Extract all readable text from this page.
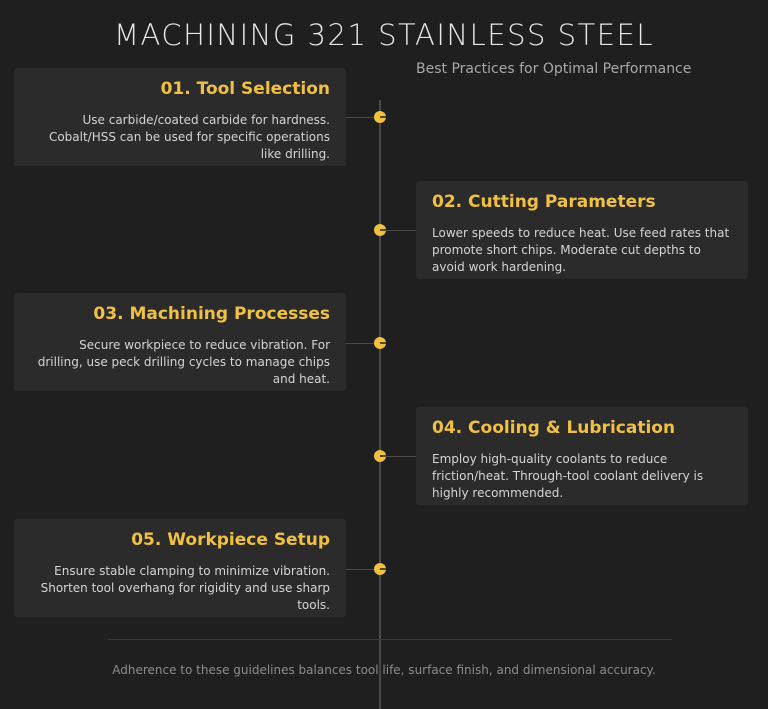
MACHINING 321 STAINLESS STEEL
Best Practices for Optimal Performance
01. Tool Selection
Use carbide/coated carbide for hardness. Cobalt/HSS can be used for specific operations like drilling.
02. Cutting Parameters
Lower speeds to reduce heat. Use feed rates that promote short chips. Moderate cut depths to avoid work hardening.
03. Machining Processes
Secure workpiece to reduce vibration. For drilling, use peck drilling cycles to manage chips and heat.
04. Cooling & Lubrication
Employ high-quality coolants to reduce friction/heat. Through-tool coolant delivery is highly recommended.
05. Workpiece Setup
Ensure stable clamping to minimize vibration. Shorten tool overhang for rigidity and use sharp tools.
Adherence to these guidelines balances tool life, surface finish, and dimensional accuracy.
